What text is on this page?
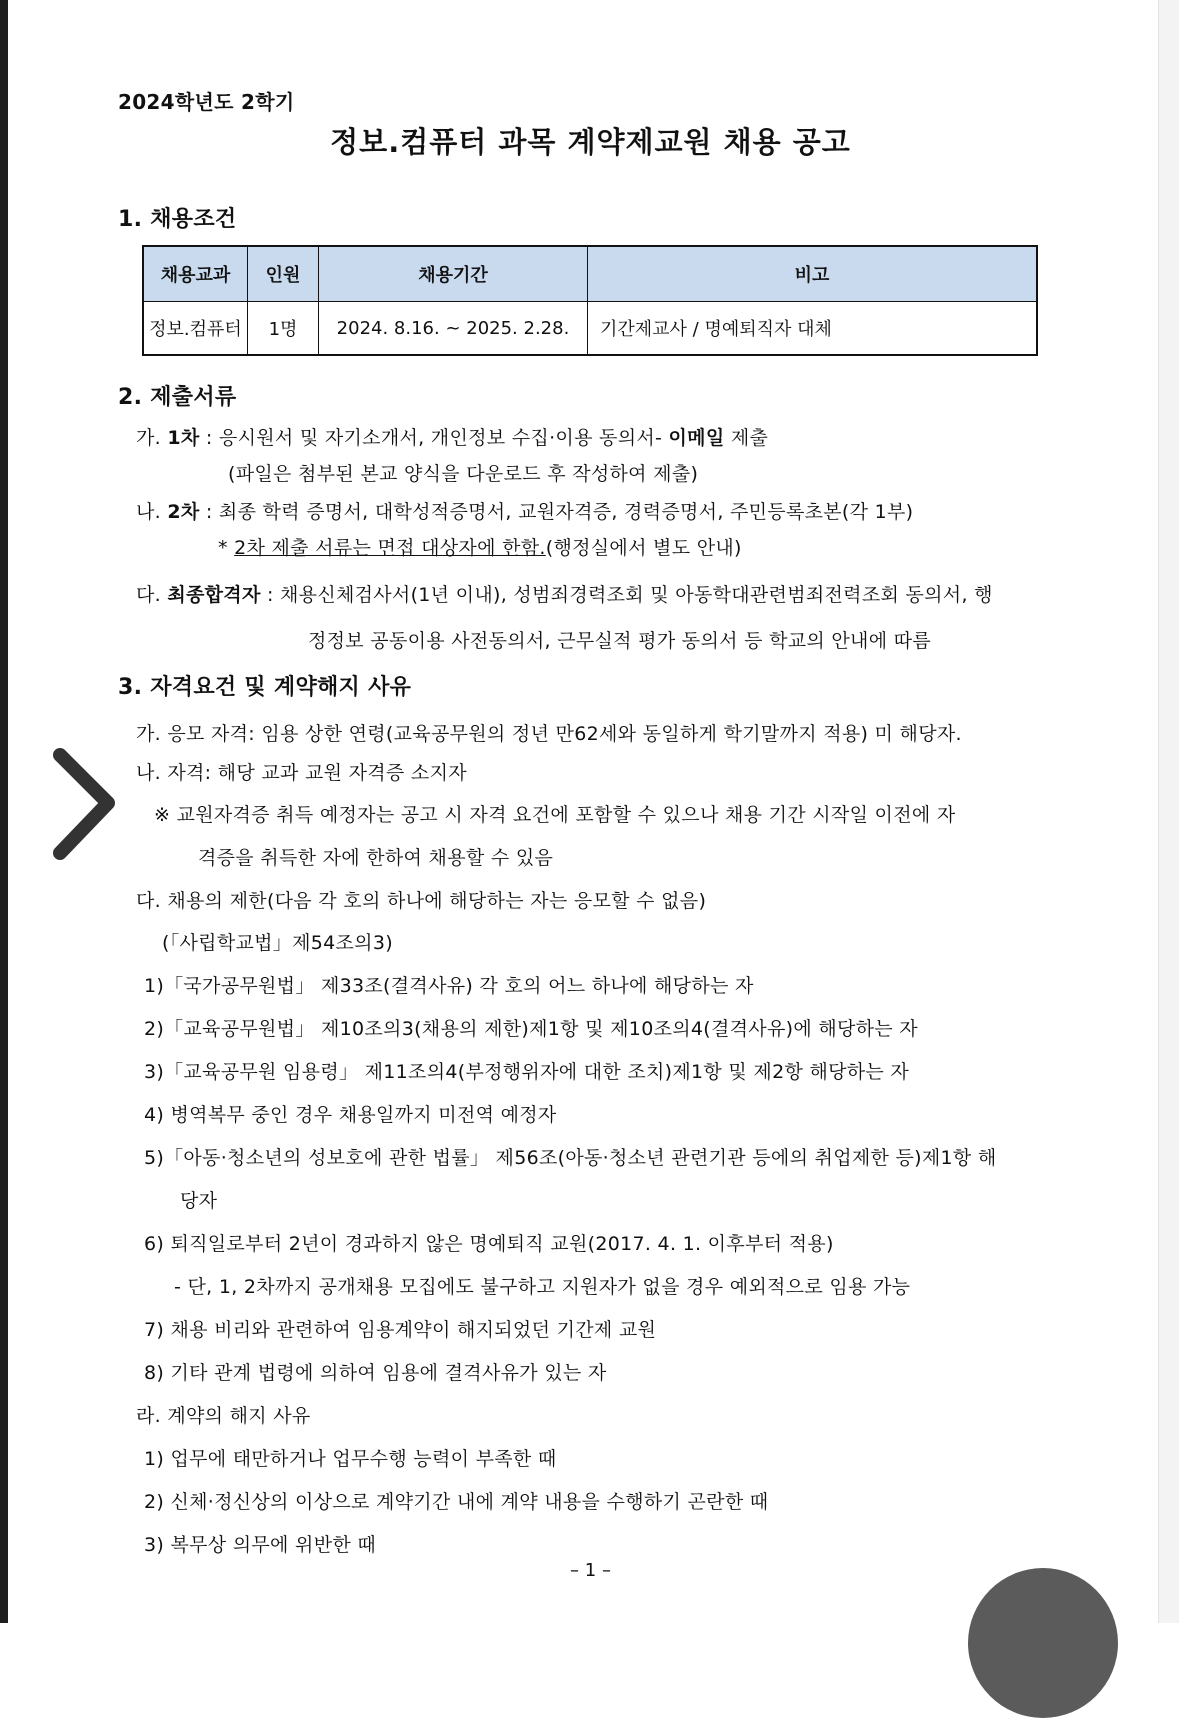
2024학년도 2학기
정보.컴퓨터 과목 계약제교원 채용 공고
1. 채용조건
채용교과	인원	채용기간	비고
정보.컴퓨터	1명	2024. 8.16. ~ 2025. 2.28.	기간제교사 / 명예퇴직자 대체
2. 제출서류
가. 1차 : 응시원서 및 자기소개서, 개인정보 수집·이용 동의서- 이메일 제출
(파일은 첨부된 본교 양식을 다운로드 후 작성하여 제출)
나. 2차 : 최종 학력 증명서, 대학성적증명서, 교원자격증, 경력증명서, 주민등록초본(각 1부)
* 2차 제출 서류는 면접 대상자에 한함.(행정실에서 별도 안내)
다. 최종합격자 : 채용신체검사서(1년 이내), 성범죄경력조회 및 아동학대관련범죄전력조회 동의서, 행
정정보 공동이용 사전동의서, 근무실적 평가 동의서 등 학교의 안내에 따름
3. 자격요건 및 계약해지 사유
가. 응모 자격: 임용 상한 연령(교육공무원의 정년 만62세와 동일하게 학기말까지 적용) 미 해당자.
나. 자격: 해당 교과 교원 자격증 소지자
※ 교원자격증 취득 예정자는 공고 시 자격 요건에 포함할 수 있으나 채용 기간 시작일 이전에 자
격증을 취득한 자에 한하여 채용할 수 있음
다. 채용의 제한(다음 각 호의 하나에 해당하는 자는 응모할 수 없음)
(「사립학교법」제54조의3)
1)「국가공무원법」 제33조(결격사유) 각 호의 어느 하나에 해당하는 자
2)「교육공무원법」 제10조의3(채용의 제한)제1항 및 제10조의4(결격사유)에 해당하는 자
3)「교육공무원 임용령」 제11조의4(부정행위자에 대한 조치)제1항 및 제2항 해당하는 자
4) 병역복무 중인 경우 채용일까지 미전역 예정자
5)「아동·청소년의 성보호에 관한 법률」 제56조(아동·청소년 관련기관 등에의 취업제한 등)제1항 해
당자
6) 퇴직일로부터 2년이 경과하지 않은 명예퇴직 교원(2017. 4. 1. 이후부터 적용)
- 단, 1, 2차까지 공개채용 모집에도 불구하고 지원자가 없을 경우 예외적으로 임용 가능
7) 채용 비리와 관련하여 임용계약이 해지되었던 기간제 교원
8) 기타 관계 법령에 의하여 임용에 결격사유가 있는 자
라. 계약의 해지 사유
1) 업무에 태만하거나 업무수행 능력이 부족한 때
2) 신체·정신상의 이상으로 계약기간 내에 계약 내용을 수행하기 곤란한 때
3) 복무상 의무에 위반한 때
– 1 –
